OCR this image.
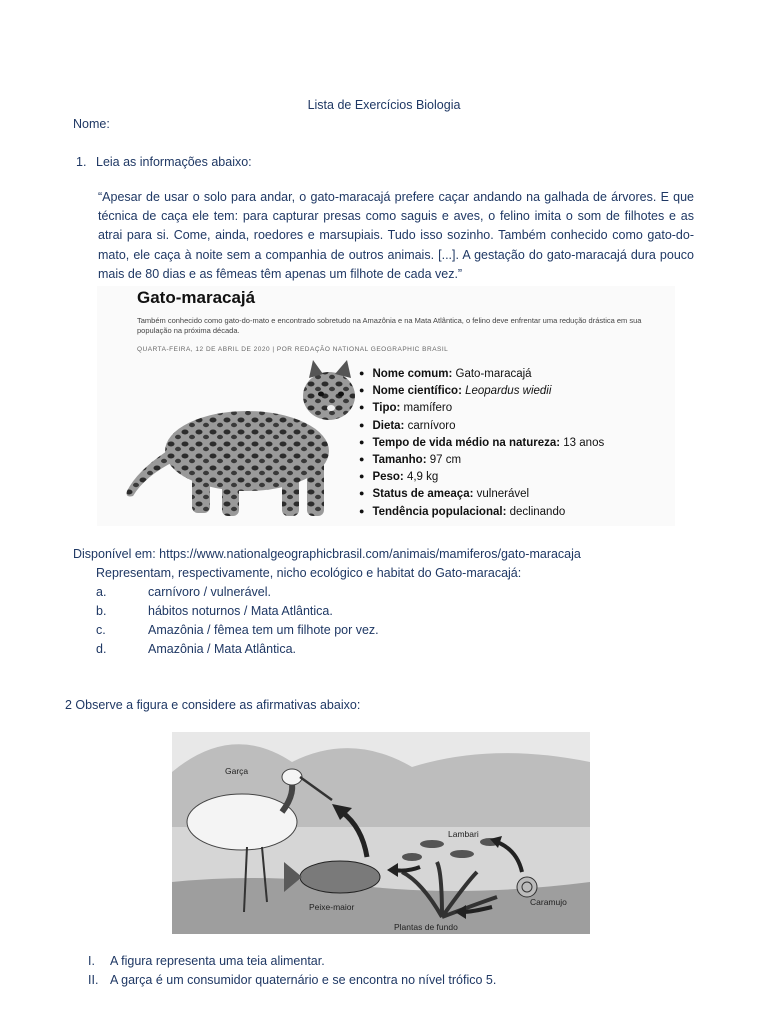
Lista de Exercícios Biologia
Nome:
1. Leia as informações abaixo:
“Apesar de usar o solo para andar, o gato-maracajá prefere caçar andando na galhada de árvores. E que técnica de caça ele tem: para capturar presas como saguis e aves, o felino imita o som de filhotes e as atrai para si. Come, ainda, roedores e marsupiais. Tudo isso sozinho. Também conhecido como gato-do-mato, ele caça à noite sem a companhia de outros animais. [...]. A gestação do gato-maracajá dura pouco mais de 80 dias e as fêmeas têm apenas um filhote de cada vez.”
Gato-maracajá
Também conhecido como gato-do-mato e encontrado sobretudo na Amazônia e na Mata Atlântica, o felino deve enfrentar uma redução drástica em sua população na próxima década.
QUARTA-FEIRA, 12 DE ABRIL DE 2020 | POR REDAÇÃO NATIONAL GEOGRAPHIC BRASIL
● Nome comum: Gato-maracajá
● Nome científico: Leopardus wiedii
● Tipo: mamífero
● Dieta: carnívoro
● Tempo de vida médio na natureza: 13 anos
● Tamanho: 97 cm
● Peso: 4,9 kg
● Status de ameaça: vulnerável
● Tendência populacional: declinando
Disponível em: https://www.nationalgeographicbrasil.com/animais/mamiferos/gato-maracaja
Representam, respectivamente, nicho ecológico e habitat do Gato-maracajá:
a.	carnívoro / vulnerável.
b.	hábitos noturnos / Mata Atlântica.
c.	Amazônia / fêmea tem um filhote por vez.
d.	Amazônia / Mata Atlântica.
2 Observe a figura e considere as afirmativas abaixo:
Garça
Lambari
Peixe-maior	Caramujo
Plantas de fundo
I. A figura representa uma teia alimentar.
II. A garça é um consumidor quaternário e se encontra no nível trófico 5.
